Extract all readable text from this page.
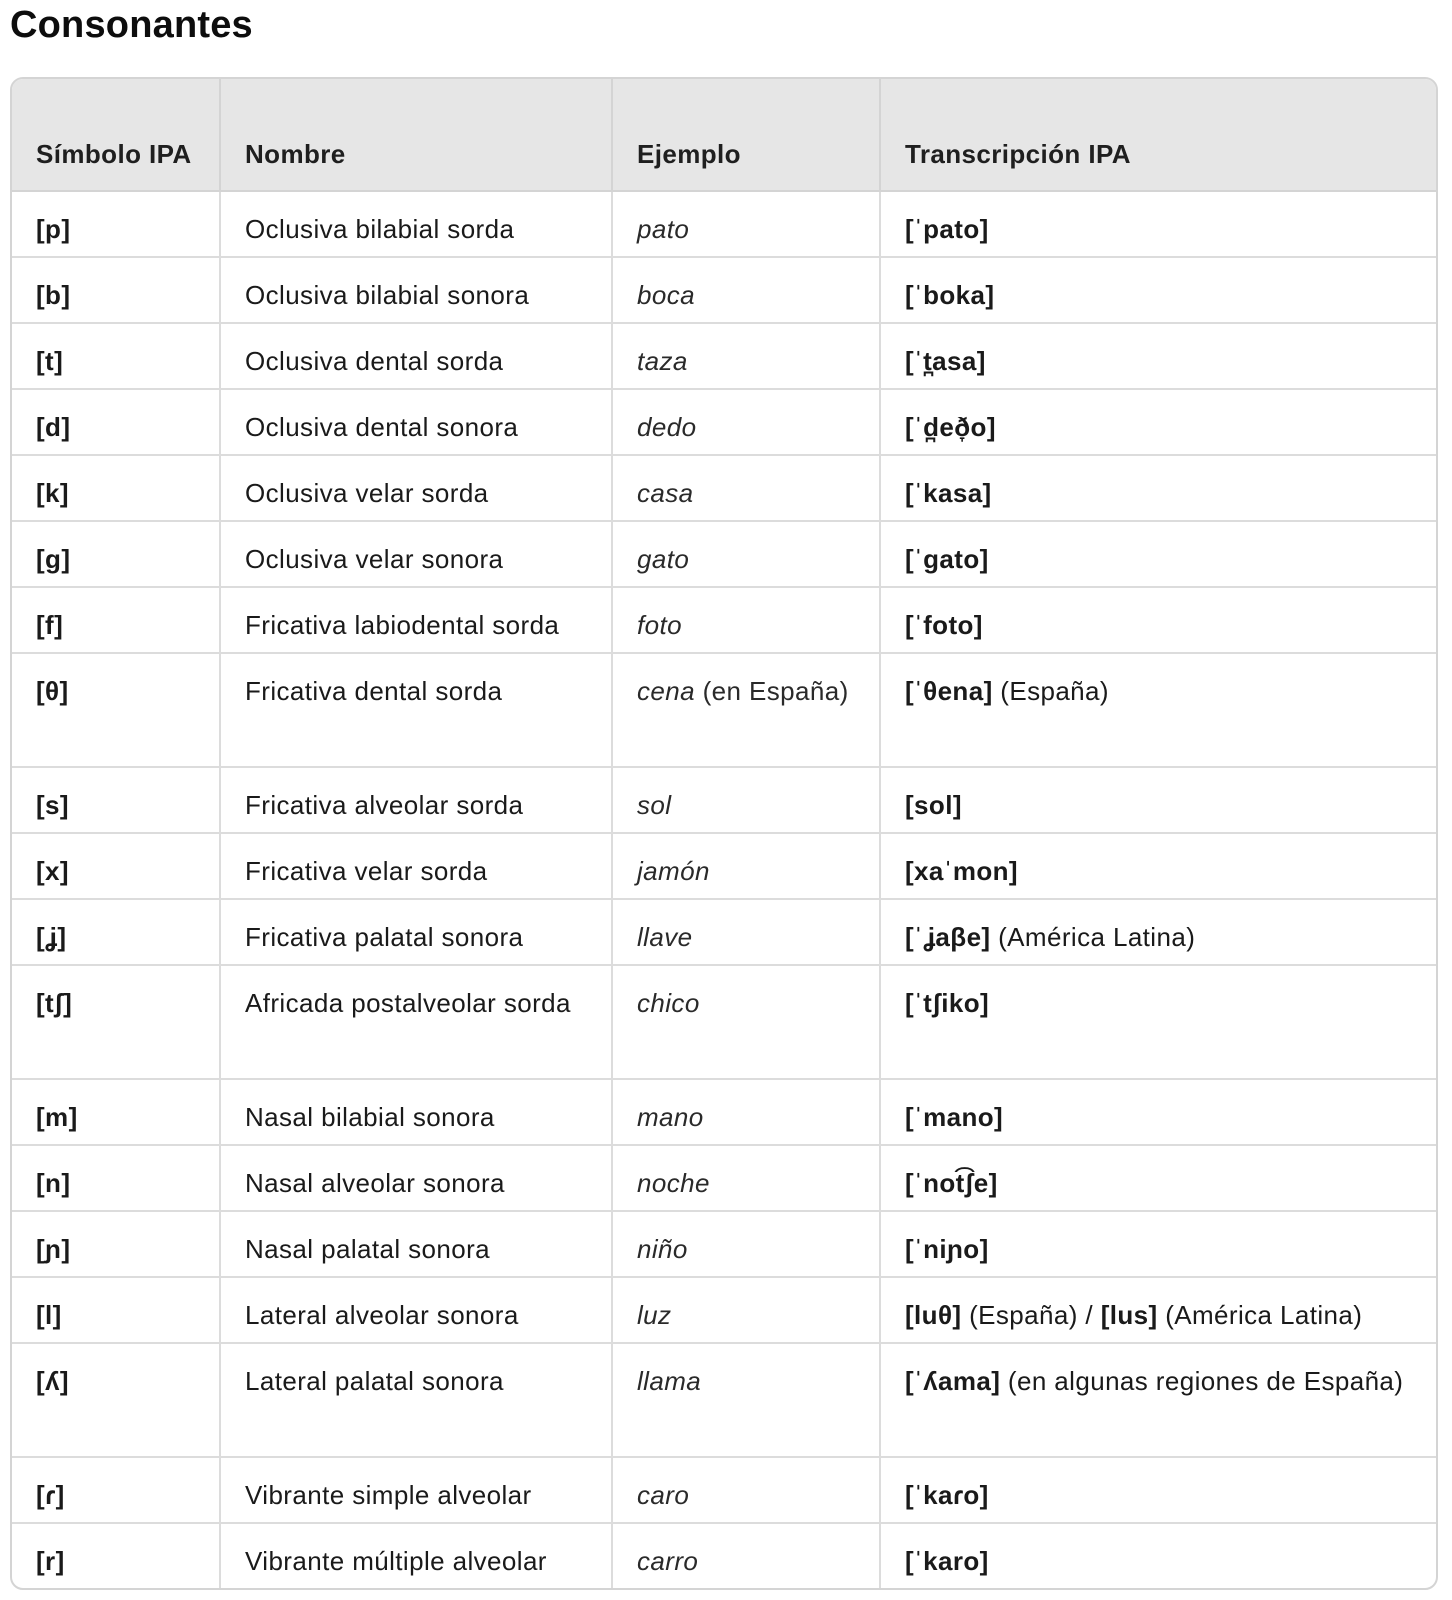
Consonantes
Símbolo IPA	Nombre	Ejemplo	Transcripción IPA
[p]	Oclusiva bilabial sorda	pato	[ˈpato]
[b]	Oclusiva bilabial sonora	boca	[ˈboka]
[t]	Oclusiva dental sorda	taza	[ˈt̪asa]
[d]	Oclusiva dental sonora	dedo	[ˈd̪eð̞o]
[k]	Oclusiva velar sorda	casa	[ˈkasa]
[g]	Oclusiva velar sonora	gato	[ˈgato]
[f]	Fricativa labiodental sorda	foto	[ˈfoto]
[θ]	Fricativa dental sorda	cena (en España)	[ˈθena] (España)
[s]	Fricativa alveolar sorda	sol	[sol]
[x]	Fricativa velar sorda	jamón	[xaˈmon]
[ʝ]	Fricativa palatal sonora	llave	[ˈʝaβe] (América Latina)
[tʃ]	Africada postalveolar sorda	chico	[ˈtʃiko]
[m]	Nasal bilabial sonora	mano	[ˈmano]
[n]	Nasal alveolar sonora	noche	[ˈnot͡ʃe]
[ɲ]	Nasal palatal sonora	niño	[ˈniɲo]
[l]	Lateral alveolar sonora	luz	[luθ] (España) / [lus] (América Latina)
[ʎ]	Lateral palatal sonora	llama	[ˈʎama] (en algunas regiones de España)
[ɾ]	Vibrante simple alveolar	caro	[ˈkaɾo]
[r]	Vibrante múltiple alveolar	carro	[ˈkaro]
